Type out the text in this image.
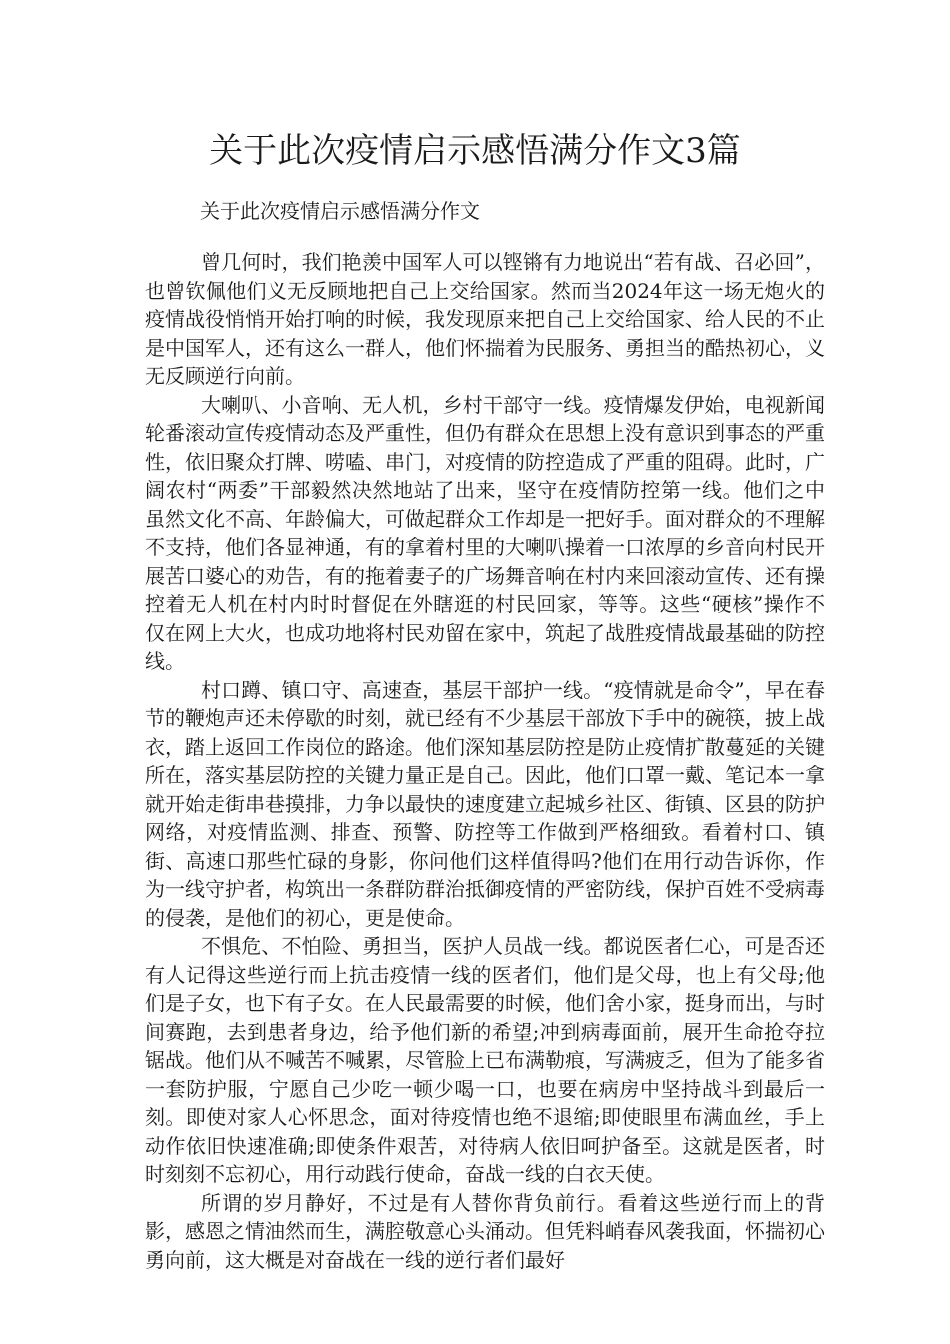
关于此次疫情启示感悟满分作文3篇
关于此次疫情启示感悟满分作文

曾几何时，我们艳羡中国军人可以铿锵有力地说出“若有战、召必回”，也曾钦佩他们义无反顾地把自己上交给国家。然而当2024年这一场无炮火的疫情战役悄悄开始打响的时候，我发现原来把自己上交给国家、给人民的不止是中国军人，还有这么一群人，他们怀揣着为民服务、勇担当的酷热初心，义无反顾逆行向前。

大喇叭、小音响、无人机，乡村干部守一线。疫情爆发伊始，电视新闻轮番滚动宣传疫情动态及严重性，但仍有群众在思想上没有意识到事态的严重性，依旧聚众打牌、唠嗑、串门，对疫情的防控造成了严重的阻碍。此时，广阔农村“两委”干部毅然决然地站了出来，坚守在疫情防控第一线。他们之中虽然文化不高、年龄偏大，可做起群众工作却是一把好手。面对群众的不理解不支持，他们各显神通，有的拿着村里的大喇叭操着一口浓厚的乡音向村民开展苦口婆心的劝告，有的拖着妻子的广场舞音响在村内来回滚动宣传、还有操控着无人机在村内时时督促在外瞎逛的村民回家，等等。这些“硬核”操作不仅在网上大火，也成功地将村民劝留在家中，筑起了战胜疫情战最基础的防控线。

村口蹲、镇口守、高速查，基层干部护一线。“疫情就是命令”，早在春节的鞭炮声还未停歇的时刻，就已经有不少基层干部放下手中的碗筷，披上战衣，踏上返回工作岗位的路途。他们深知基层防控是防止疫情扩散蔓延的关键所在，落实基层防控的关键力量正是自己。因此，他们口罩一戴、笔记本一拿就开始走街串巷摸排，力争以最快的速度建立起城乡社区、街镇、区县的防护网络，对疫情监测、排查、预警、防控等工作做到严格细致。看着村口、镇街、高速口那些忙碌的身影，你问他们这样值得吗?他们在用行动告诉你，作为一线守护者，构筑出一条群防群治抵御疫情的严密防线，保护百姓不受病毒的侵袭，是他们的初心，更是使命。

不惧危、不怕险、勇担当，医护人员战一线。都说医者仁心，可是否还有人记得这些逆行而上抗击疫情一线的医者们，他们是父母，也上有父母;他们是子女，也下有子女。在人民最需要的时候，他们舍小家，挺身而出，与时间赛跑，去到患者身边，给予他们新的希望;冲到病毒面前，展开生命抢夺拉锯战。他们从不喊苦不喊累，尽管脸上已布满勒痕，写满疲乏，但为了能多省一套防护服，宁愿自己少吃一顿少喝一口，也要在病房中坚持战斗到最后一刻。即使对家人心怀思念，面对待疫情也绝不退缩;即使眼里布满血丝，手上动作依旧快速准确;即使条件艰苦，对待病人依旧呵护备至。这就是医者，时时刻刻不忘初心，用行动践行使命，奋战一线的白衣天使。

所谓的岁月静好，不过是有人替你背负前行。看着这些逆行而上的背影，感恩之情油然而生，满腔敬意心头涌动。但凭料峭春风袭我面，怀揣初心勇向前，这大概是对奋战在一线的逆行者们最好
